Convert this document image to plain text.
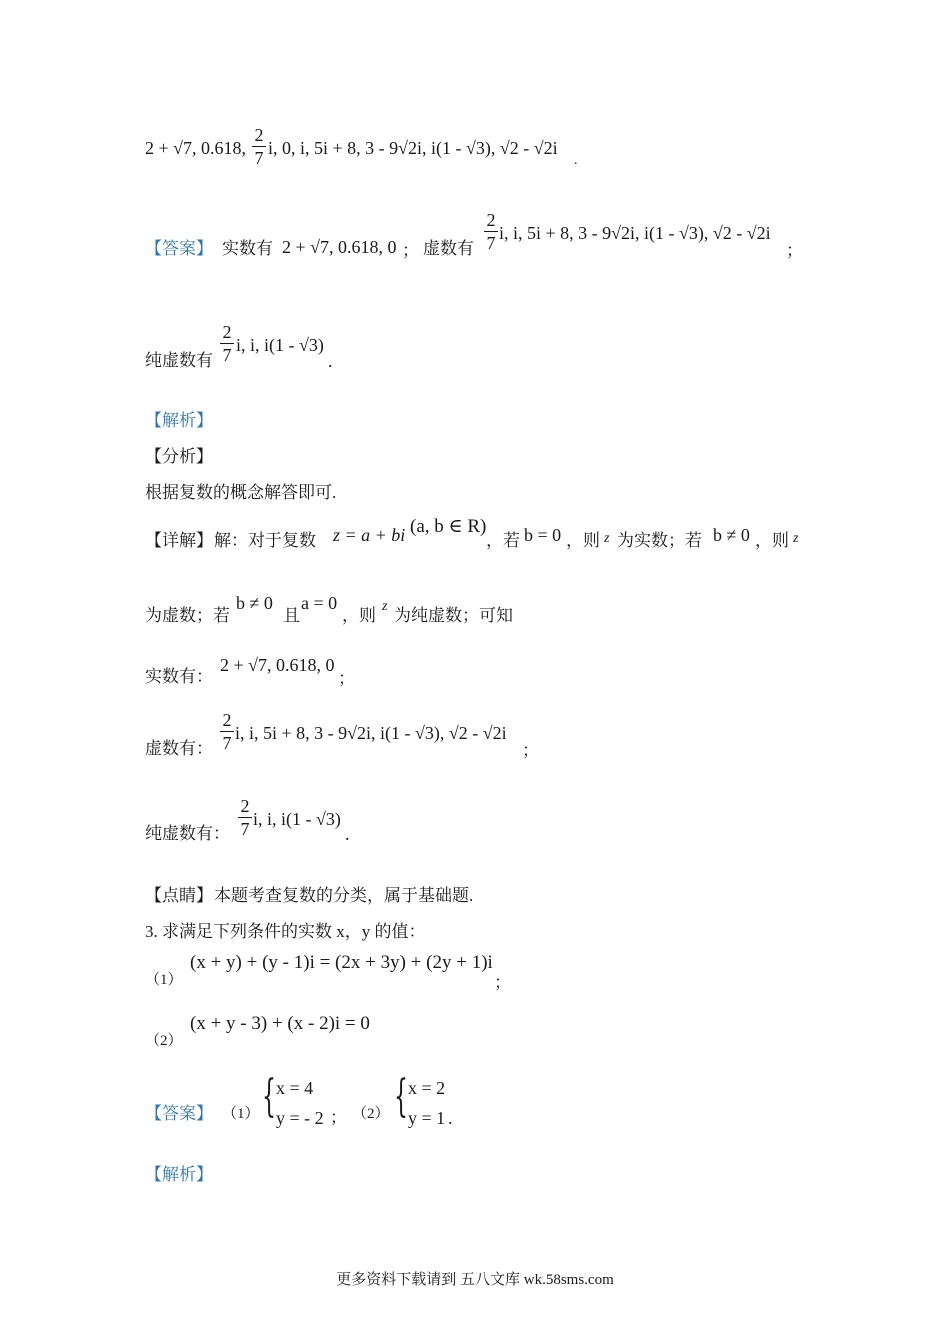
2 + √7, 0.618,
2
7 i, 0, i, 5i + 8, 3 - 9√2i, i(1 - √3), √2 - √2i
.
【答案】 实数有 2 + √7, 0.618, 0 ； 虚数有
2
7 i, i, 5i + 8, 3 - 9√2i, i(1 - √3), √2 - √2i
；
纯虚数有
2
7 i, i, i(1 - √3)
.
【解析】
【分析】
根据复数的概念解答即可.
【详解】 解：对于复数 z = a + bi (a, b ∈ R)
，若 b = 0 ，则 z 为实数；若 b ≠ 0 ，则 z
为虚数；若
b ≠ 0
且
a = 0
，则 z 为纯虚数；可知
实数有：
2 + √7, 0.618, 0
；
虚数有：
2
7 i, i, 5i + 8, 3 - 9√2i, i(1 - √3), √2 - √2i
；
纯虚数有：
2
7 i, i, i(1 - √3)
.
【点睛】 本题考查复数的分类，属于基础题.
3. 求满足下列条件的实数 x，y 的值：
（1）
(x + y) + (y - 1)i = (2x + 3y) + (2y + 1)i
；
（2）
(x + y - 3) + (x - 2)i = 0
【答案】 （1） { x = 4
y = - 2 ； （2） { x = 2
y = 1 .
【解析】
更多资料下载请到 五八文库 wk.58sms.com
